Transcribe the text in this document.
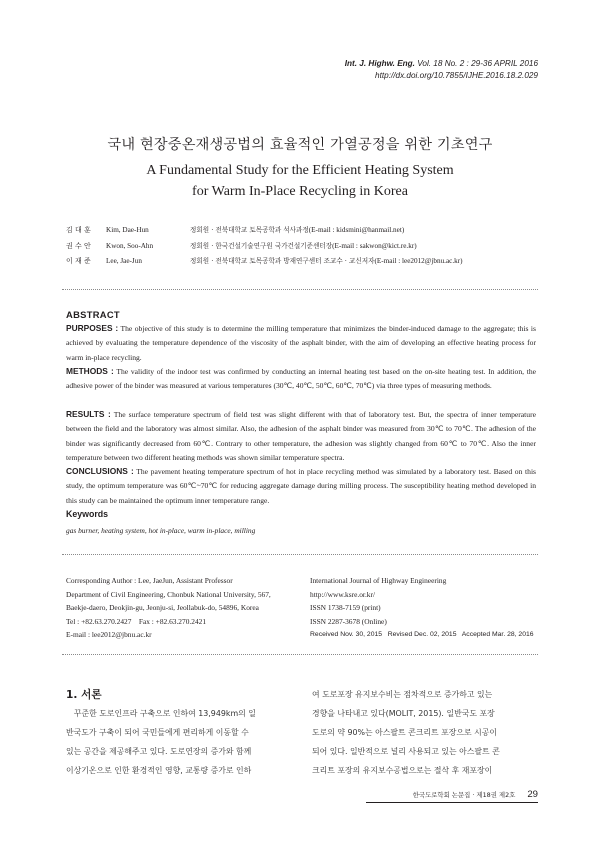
Int. J. Highw. Eng. Vol. 18 No. 2 : 29-36 APRIL 2016
http://dx.doi.org/10.7855/IJHE.2016.18.2.029
국내 현장중온재생공법의 효율적인 가열공정을 위한 기초연구
A Fundamental Study for the Efficient Heating System
for Warm In-Place Recycling in Korea
김 대 훈	Kim, Dae-Hun	정회원 · 전북대학교 토목공학과 석사과정(E-mail : kidsmini@hanmail.net)
권 수 안	Kwon, Soo-Ahn	정회원 · 한국건설기술연구원 국가건설기준센터장(E-mail : sakwon@kict.re.kr)
이 재 준	Lee, Jae-Jun	정회원 · 전북대학교 토목공학과 방재연구센터 조교수 · 교신저자(E-mail : lee2012@jbnu.ac.kr)
ABSTRACT
PURPOSES : The objective of this study is to determine the milling temperature that minimizes the binder-induced damage to the aggregate; this is achieved by evaluating the temperature dependence of the viscosity of the asphalt binder, with the aim of developing an effective heating process for warm in-place recycling.
METHODS : The validity of the indoor test was confirmed by conducting an internal heating test based on the on-site heating test. In addition, the adhesive power of the binder was measured at various temperatures (30℃, 40℃, 50℃, 60℃, 70℃) via three types of measuring methods.
RESULTS : The surface temperature spectrum of field test was slight different with that of laboratory test. But, the spectra of inner temperature between the field and the laboratory was almost similar. Also, the adhesion of the asphalt binder was measured from 30℃ to 70℃. The adhesion of the binder was significantly decreased from 60℃. Contrary to other temperature, the adhesion was slightly changed from 60℃ to 70℃. Also the inner temperature between two different heating methods was shown similar temperature spectra.
CONCLUSIONS : The pavement heating temperature spectrum of hot in place recycling method was simulated by a laboratory test. Based on this study, the optimum temperature was 60℃~70℃ for reducing aggregate damage during milling process. The susceptibility heating method developed in this study can be maintained the optimum inner temperature range.
Keywords
gas burner, heating system, hot in-place, warm in-place, milling
Corresponding Author : Lee, JaeJun, Assistant Professor
Department of Civil Engineering, Chonbuk National University, 567,
Baekje-daero, Deokjin-gu, Jeonju-si, Jeollabuk-do, 54896, Korea
Tel : +82.63.270.2427    Fax : +82.63.270.2421
E-mail : lee2012@jbnu.ac.kr
International Journal of Highway Engineering
http://www.ksre.or.kr/
ISSN 1738-7159 (print)
ISSN 2287-3678 (Online)
Received Nov. 30, 2015   Revised Dec. 02, 2015   Accepted Mar. 28, 2016
1. 서론
　꾸준한 도로인프라 구축으로 인하여 13,949km의 일
반국도가 구축이 되어 국민들에게 편리하게 이동할 수
있는 공간을 제공해주고 있다. 도로연장의 증가와 함께
이상기온으로 인한 환경적인 영향, 교통량 증가로 인하
여 도로포장 유지보수비는 점차적으로 증가하고 있는
경향을 나타내고 있다(MOLIT, 2015). 일반국도 포장
도로의 약 90%는 아스팔트 콘크리트 포장으로 시공이
되어 있다. 일반적으로 널리 사용되고 있는 아스팔트 콘
크리트 포장의 유지보수공법으로는 절삭 후 재포장이
한국도로학회 논문집 · 제18권 제2호 29
